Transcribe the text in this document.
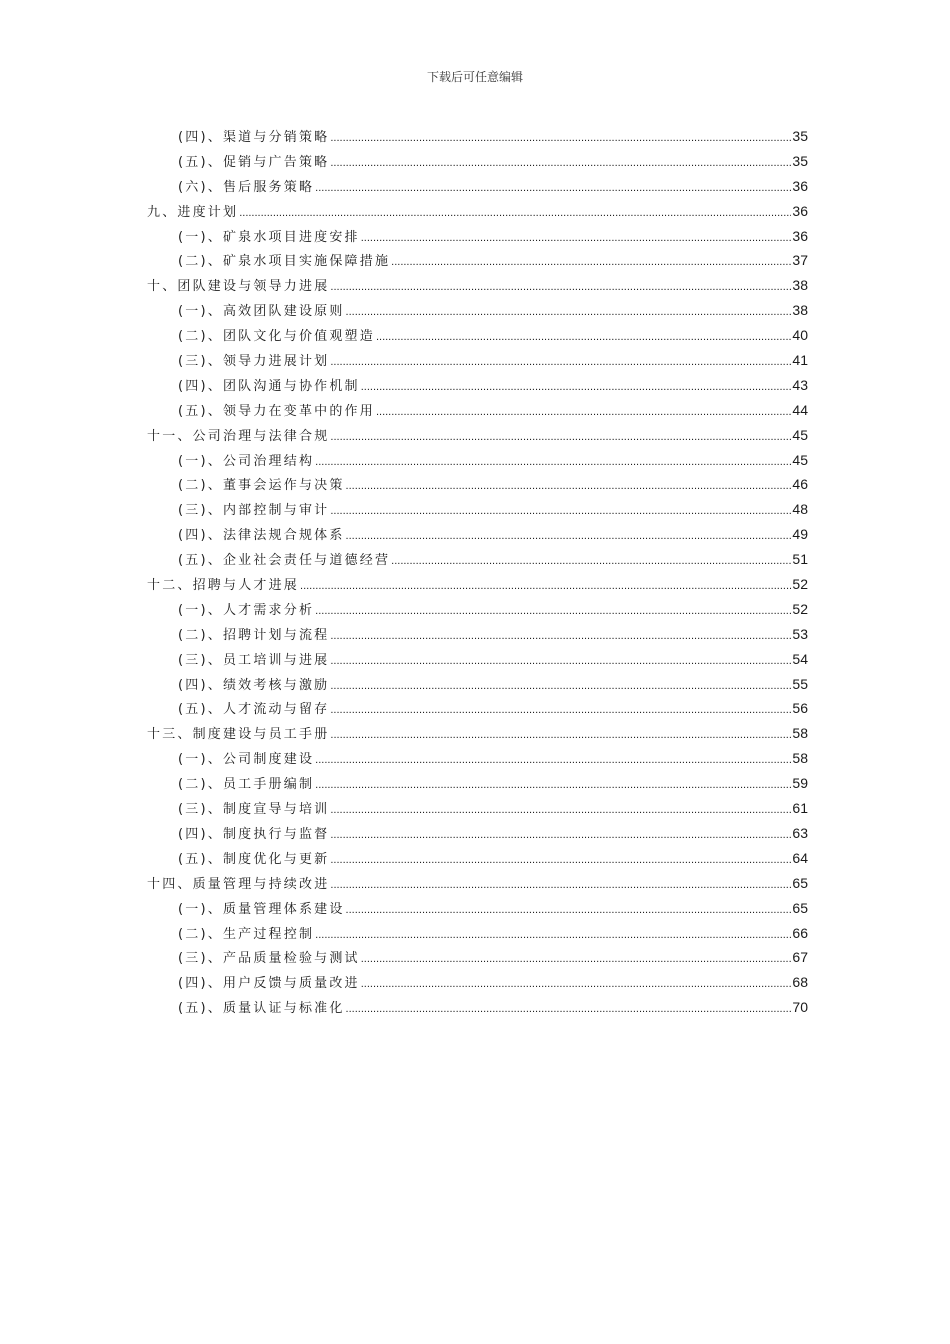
下载后可任意编辑
(四)、渠道与分销策略 .....	35
(五)、促销与广告策略 .....	35
(六)、售后服务策略 .....	36
九、进度计划 .....	36
(一)、矿泉水项目进度安排 .....	36
(二)、矿泉水项目实施保障措施 .....	37
十、团队建设与领导力进展 .....	38
(一)、高效团队建设原则 .....	38
(二)、团队文化与价值观塑造 .....	40
(三)、领导力进展计划 .....	41
(四)、团队沟通与协作机制 .....	43
(五)、领导力在变革中的作用 .....	44
十一、公司治理与法律合规 .....	45
(一)、公司治理结构 .....	45
(二)、董事会运作与决策 .....	46
(三)、内部控制与审计 .....	48
(四)、法律法规合规体系 .....	49
(五)、企业社会责任与道德经营 .....	51
十二、招聘与人才进展 .....	52
(一)、人才需求分析 .....	52
(二)、招聘计划与流程 .....	53
(三)、员工培训与进展 .....	54
(四)、绩效考核与激励 .....	55
(五)、人才流动与留存 .....	56
十三、制度建设与员工手册 .....	58
(一)、公司制度建设 .....	58
(二)、员工手册编制 .....	59
(三)、制度宣导与培训 .....	61
(四)、制度执行与监督 .....	63
(五)、制度优化与更新 .....	64
十四、质量管理与持续改进 .....	65
(一)、质量管理体系建设 .....	65
(二)、生产过程控制 .....	66
(三)、产品质量检验与测试 .....	67
(四)、用户反馈与质量改进 .....	68
(五)、质量认证与标准化 .....	70
